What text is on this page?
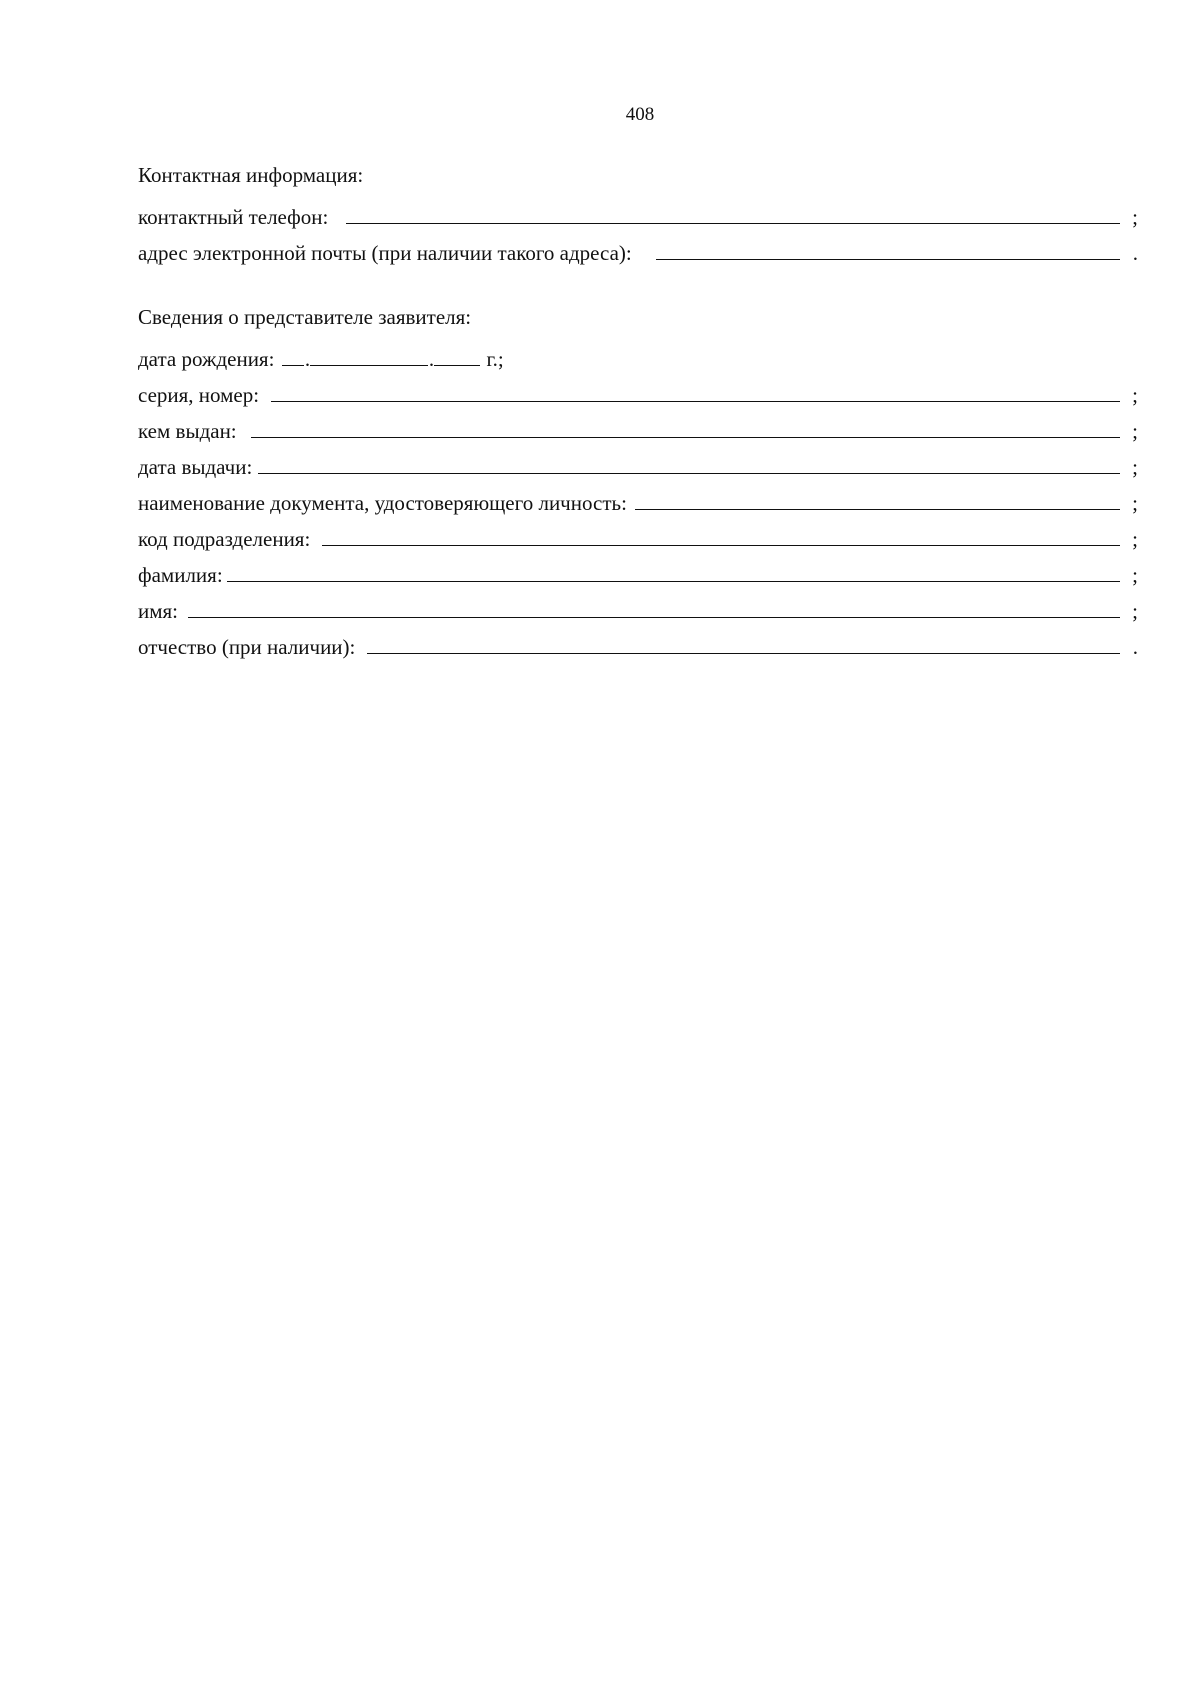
408
Контактная информация:
контактный телефон:	;
адрес электронной почты (при наличии такого адреса):	.
Сведения о представителе заявителя:
дата рождения: .	. г.;
серия, номер:	;
кем выдан:	;
дата выдачи:	;
наименование документа, удостоверяющего личность:	;
код подразделения:	;
фамилия:	;
имя:	;
отчество (при наличии):	.
